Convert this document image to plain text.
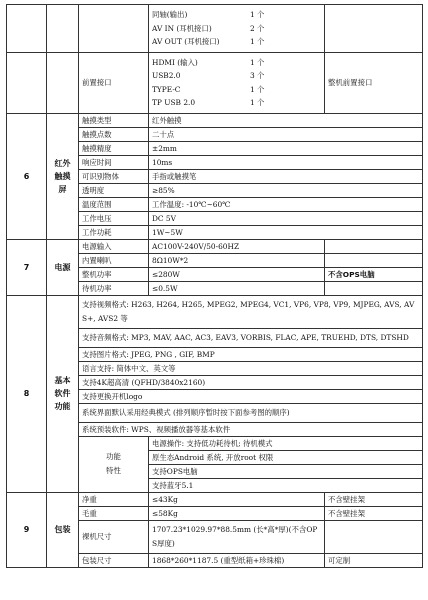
			同轴(输出) 1 个
AV IN (耳机接口) 2 个
AV OUT (耳机接口) 1 个	

		前置接口	HDMI (输入) 1 个
USB2.0 3 个
TYPE-C 1 个
TP USB 2.0 1 个	整机前置接口
6	红外
触摸
屏	触摸类型	红外触摸	
		触摸点数	二十点	
		触摸精度	±2mm	
		响应时间	10ms	
		可识别物体	手指或触摸笔	
		透明度	≥85%	
		温度范围	工作温度: -10℃~60℃	
		工作电压	DC 5V	
		工作功耗	1W~5W	
7	电源	电源输入	AC100V-240V/50-60HZ	
		内置喇叭	8Ω10W*2	
		整机功率	≤280W	不含OPS电脑
		待机功率	≤0.5W	
8	基本
软件
功能	支持视频格式: H263, H264, H265, MPEG2, MPEG4, VC1, VP6, VP8, VP9, MJPEG, AVS, AVS+, AVS2 等		
		支持音频格式: MP3, MAV, AAC, AC3, EAV3, VORBIS, FLAC, APE, TRUEHD, DTS, DTSHD		
		支持图片格式: JPEG, PNG , GIF, BMP		
		语言支持: 简体中文、英文等		
		支持4K超高清 (QFHD/3840x2160)		
		支持更换开机logo		
		系统界面默认采用经典模式 (排列顺序暂时按下面参考图的顺序)		
		系统预装软件: WPS、视频播放器等基本软件		

		功能
特性	电源操作: 支持低功耗待机; 待机模式	
			原生态Android 系统, 开放root 权限	
			支持OPS电脑	
			支持蓝牙5.1	
9	包装	净重	≤43Kg	不含壁挂架
		毛重	≤58Kg	不含壁挂架
		裸机尺寸	1707.23*1029.97*88.5mm (长*高*厚)(不含OPS厚度)	
		包装尺寸	1868*260*1187.5 (重型纸箱+珍珠棉)	可定制
